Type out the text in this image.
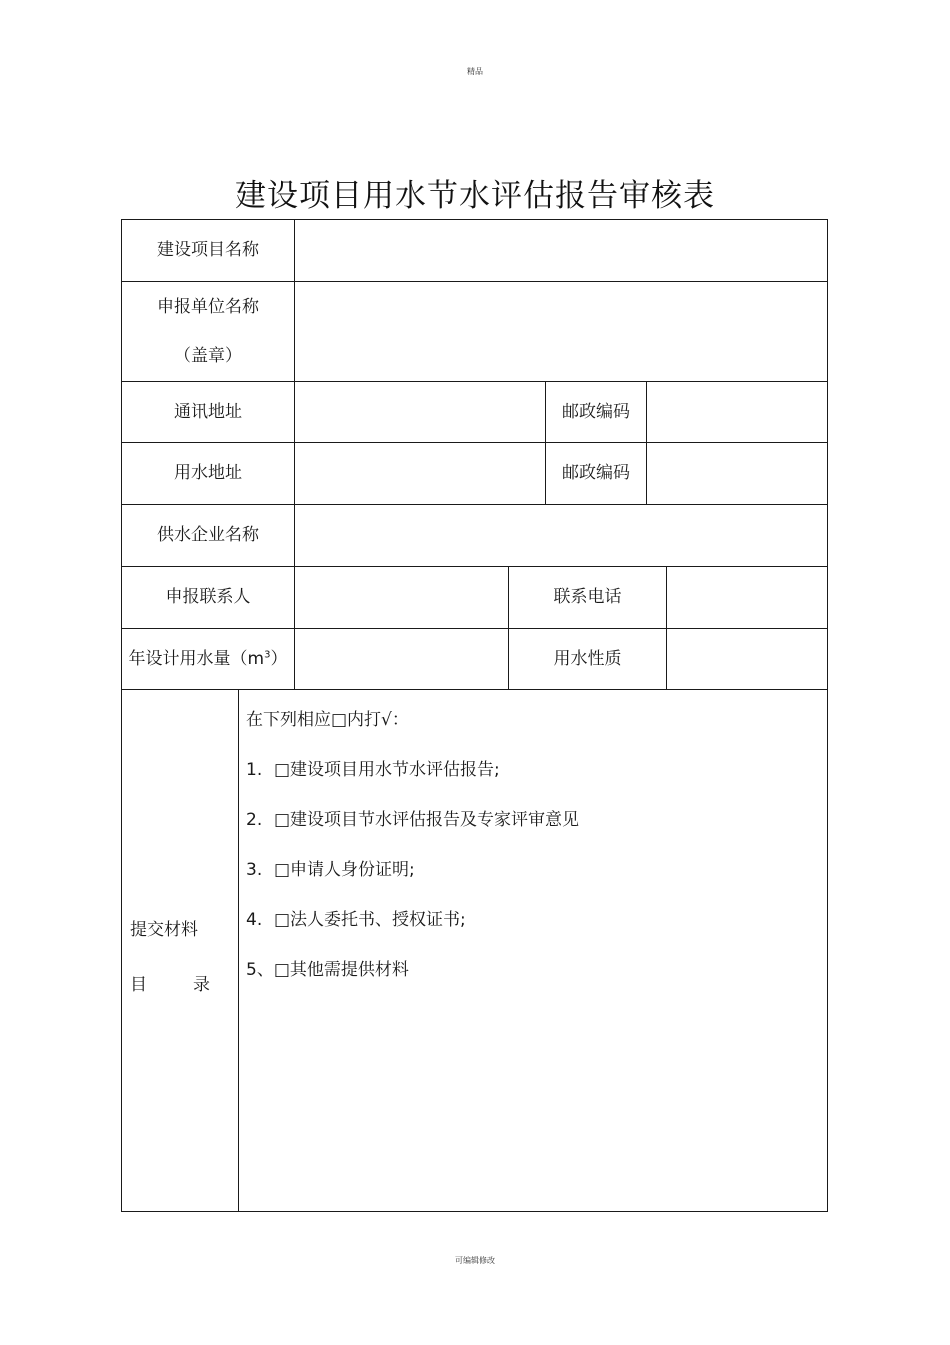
精品
建设项目用水节水评估报告审核表
建设项目名称
申报单位名称
（盖章）
通讯地址	邮政编码
用水地址	邮政编码
供水企业名称
申报联系人	联系电话
年设计用水量$(m^3)$	用水性质
提交材料
目	录
在下列相应□内打√：
1. □建设项目用水节水评估报告;
2. □建设项目节水评估报告及专家评审意见
3. □申请人身份证明;
4. □法人委托书、授权证书;
5、□其他需提供材料
可编辑修改
